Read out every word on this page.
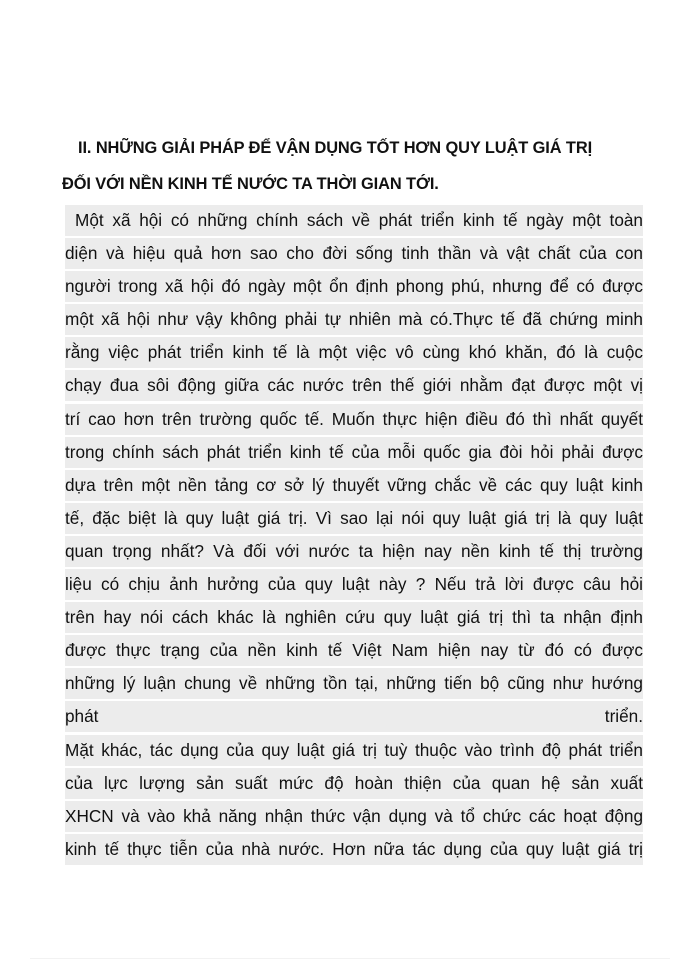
II. NHỮNG GIẢI PHÁP ĐỂ VẬN DỤNG TỐT HƠN QUY LUẬT GIÁ TRỊ
ĐỐI VỚI NỀN KINH TẾ NƯỚC TA THỜI GIAN TỚI.
Một xã hội có những chính sách về phát triển kinh tế ngày một toàn
diện và hiệu quả hơn sao cho đời sống tinh thần và vật chất của con
người trong xã hội đó ngày một ổn định phong phú, nhưng để có được
một xã hội như vậy không phải tự nhiên mà có.Thực tế đã chứng minh
rằng việc phát triển kinh tế là một việc vô cùng khó khăn, đó là cuộc
chạy đua sôi động giữa các nước trên thế giới nhằm đạt được một vị
trí cao hơn trên trường quốc tế. Muốn thực hiện điều đó thì nhất quyết
trong chính sách phát triển kinh tế của mỗi quốc gia đòi hỏi phải được
dựa trên một nền tảng cơ sở lý thuyết vững chắc về các quy luật kinh
tế, đặc biệt là quy luật giá trị. Vì sao lại nói quy luật giá trị là quy luật
quan trọng nhất? Và đối với nước ta hiện nay nền kinh tế thị trường
liệu có chịu ảnh hưởng của quy luật này ? Nếu trả lời được câu hỏi
trên hay nói cách khác là nghiên cứu quy luật giá trị thì ta nhận định
được thực trạng của nền kinh tế Việt Nam hiện nay từ đó có được
những lý luận chung về những tồn tại, những tiến bộ cũng như hướng
phát triển.
Mặt khác, tác dụng của quy luật giá trị tuỳ thuộc vào trình độ phát triển
của lực lượng sản suất mức độ hoàn thiện của quan hệ sản xuất
XHCN và vào khả năng nhận thức vận dụng và tổ chức các hoạt động
kinh tế thực tiễn của nhà nước. Hơn nữa tác dụng của quy luật giá trị
